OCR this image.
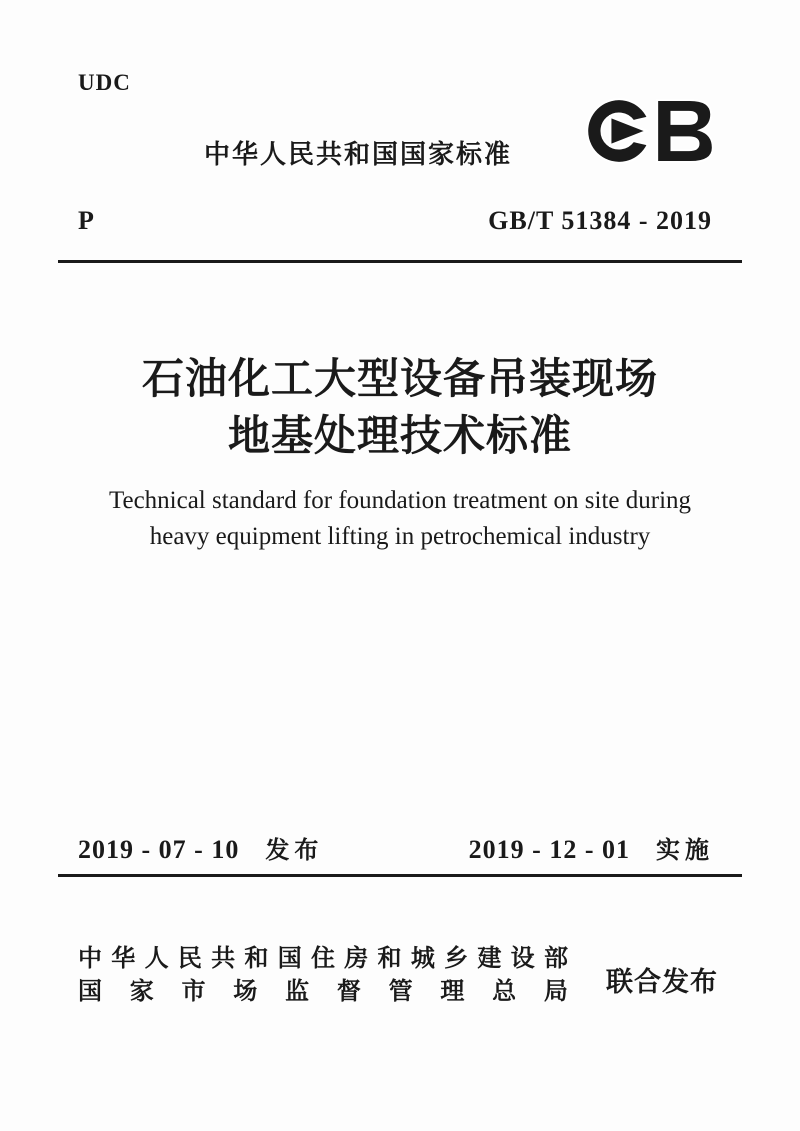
UDC
中华人民共和国国家标准
P	GB/T 51384 - 2019
石油化工大型设备吊装现场
地基处理技术标准
Technical standard for foundation treatment on site during
heavy equipment lifting in petrochemical industry
2019 - 07 - 10 发布	2019 - 12 - 01 实施
中 华 人 民 共 和 国 住 房 和 城 乡 建 设 部
国 家 市 场 监 督 管 理 总 局 联合发布
